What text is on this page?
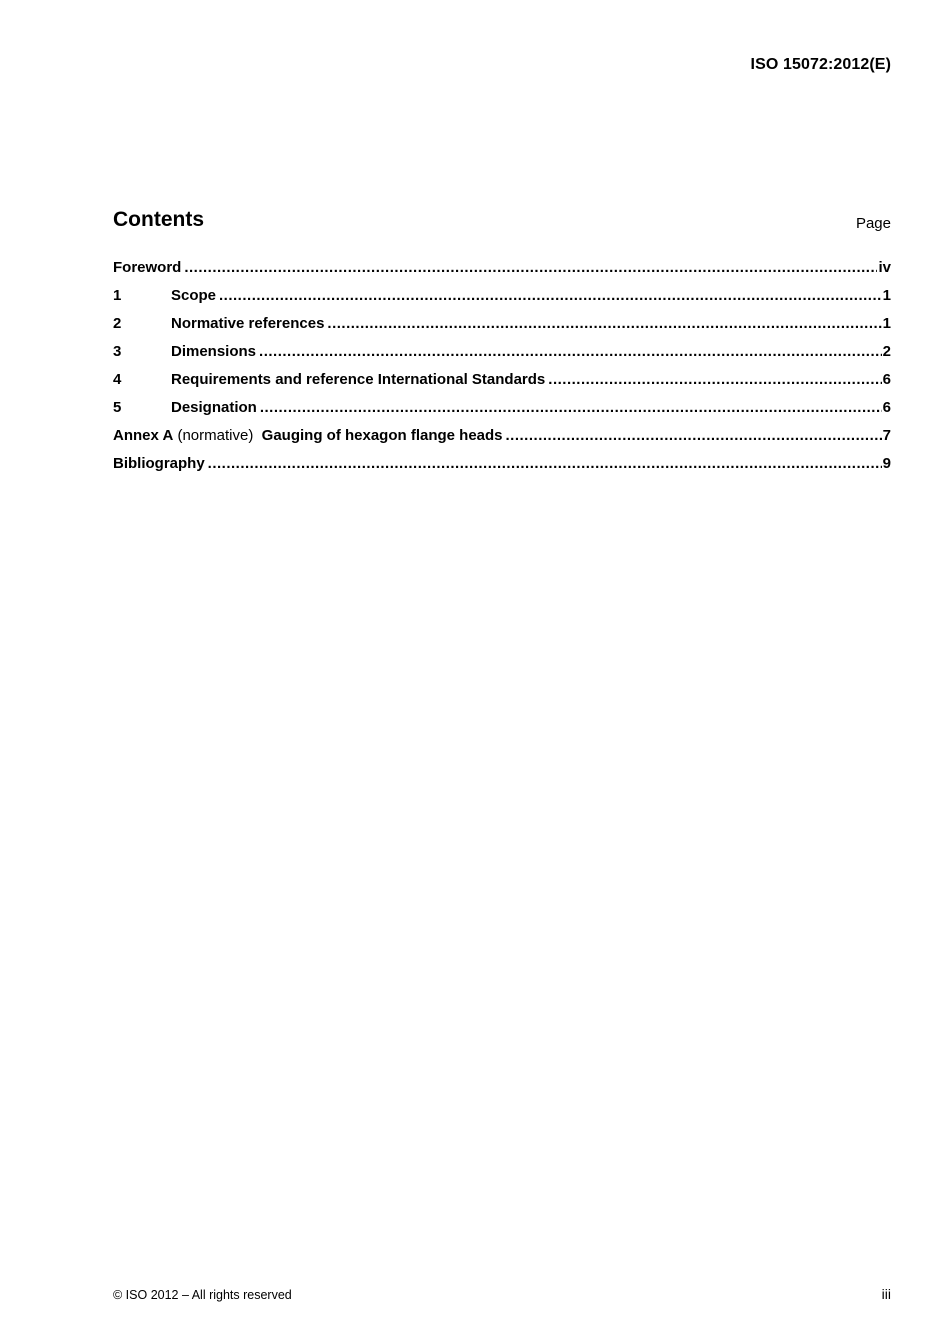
ISO 15072:2012(E)
Contents	Page
Foreword .....	iv
1	Scope .....	1
2	Normative references .....	1
3	Dimensions .....	2
4	Requirements and reference International Standards .....	6
5	Designation .....	6
Annex A (normative)  Gauging of hexagon flange heads .....	7
Bibliography .....	9
© ISO 2012 – All rights reserved	iii
